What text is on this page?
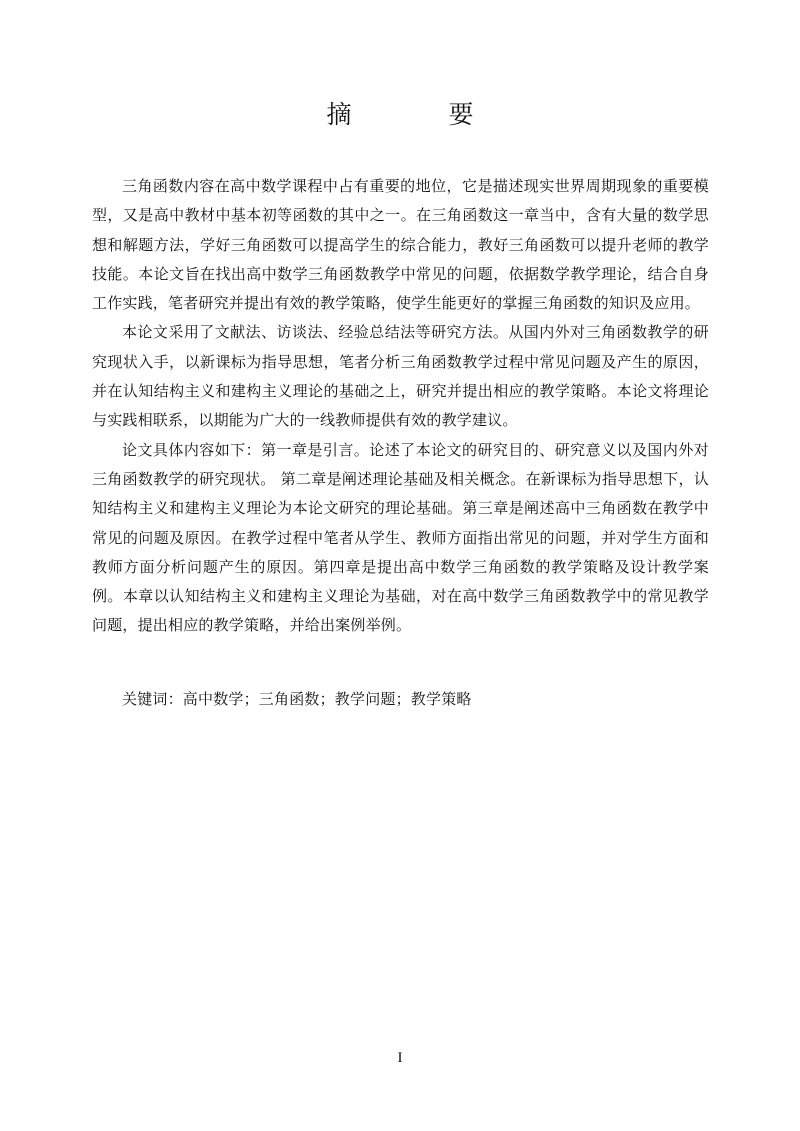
摘　要

三角函数内容在高中数学课程中占有重要的地位，它是描述现实世界周期现象的重要模型，又是高中教材中基本初等函数的其中之一。在三角函数这一章当中，含有大量的数学思想和解题方法，学好三角函数可以提高学生的综合能力，教好三角函数可以提升老师的教学技能。本论文旨在找出高中数学三角函数教学中常见的问题，依据数学教学理论，结合自身工作实践，笔者研究并提出有效的教学策略，使学生能更好的掌握三角函数的知识及应用。

本论文采用了文献法、访谈法、经验总结法等研究方法。从国内外对三角函数教学的研究现状入手，以新课标为指导思想，笔者分析三角函数教学过程中常见问题及产生的原因，并在认知结构主义和建构主义理论的基础之上，研究并提出相应的教学策略。本论文将理论与实践相联系，以期能为广大的一线教师提供有效的教学建议。

论文具体内容如下：第一章是引言。论述了本论文的研究目的、研究意义以及国内外对三角函数教学的研究现状。 第二章是阐述理论基础及相关概念。在新课标为指导思想下，认知结构主义和建构主义理论为本论文研究的理论基础。第三章是阐述高中三角函数在教学中常见的问题及原因。在教学过程中笔者从学生、教师方面指出常见的问题，并对学生方面和教师方面分析问题产生的原因。第四章是提出高中数学三角函数的教学策略及设计教学案例。本章以认知结构主义和建构主义理论为基础，对在高中数学三角函数教学中的常见教学问题，提出相应的教学策略，并给出案例举例。

关键词：高中数学；三角函数；教学问题；教学策略
I
